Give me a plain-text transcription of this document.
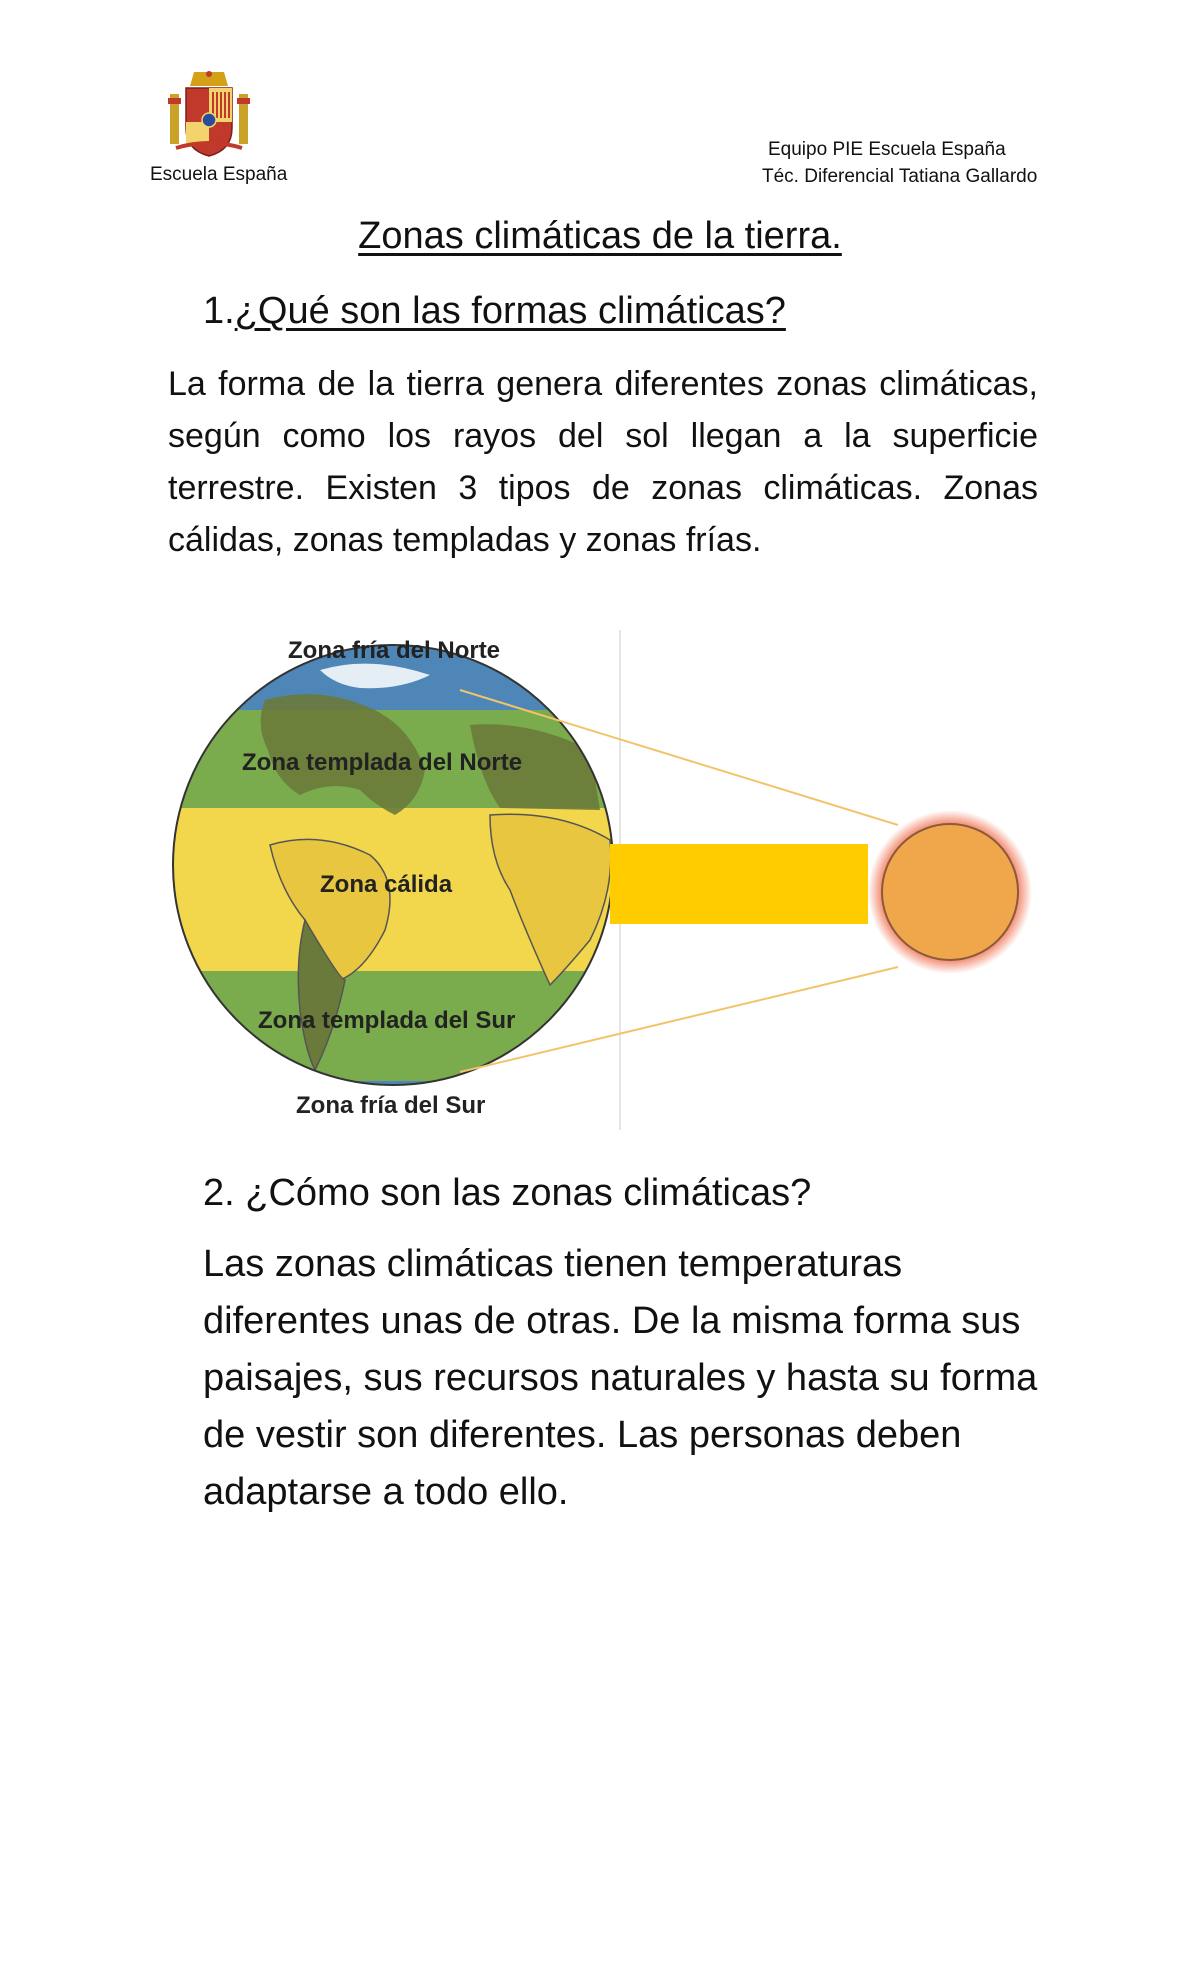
Escuela España
Equipo PIE Escuela España
Téc. Diferencial Tatiana Gallardo
Zonas climáticas de la tierra.
1.¿Qué son las formas climáticas?
La forma de la tierra genera diferentes zonas climáticas, según como los rayos del sol llegan a la superficie terrestre. Existen 3 tipos de zonas climáticas. Zonas cálidas, zonas templadas y zonas frías.
Zona fría del Norte
Zona templada del Norte
Zona cálida
Zona templada del Sur
Zona fría del Sur
2. ¿Cómo son las zonas climáticas?
Las zonas climáticas tienen temperaturas diferentes unas de otras. De la misma forma sus paisajes, sus recursos naturales y hasta su forma de vestir son diferentes. Las personas deben adaptarse a todo ello.
